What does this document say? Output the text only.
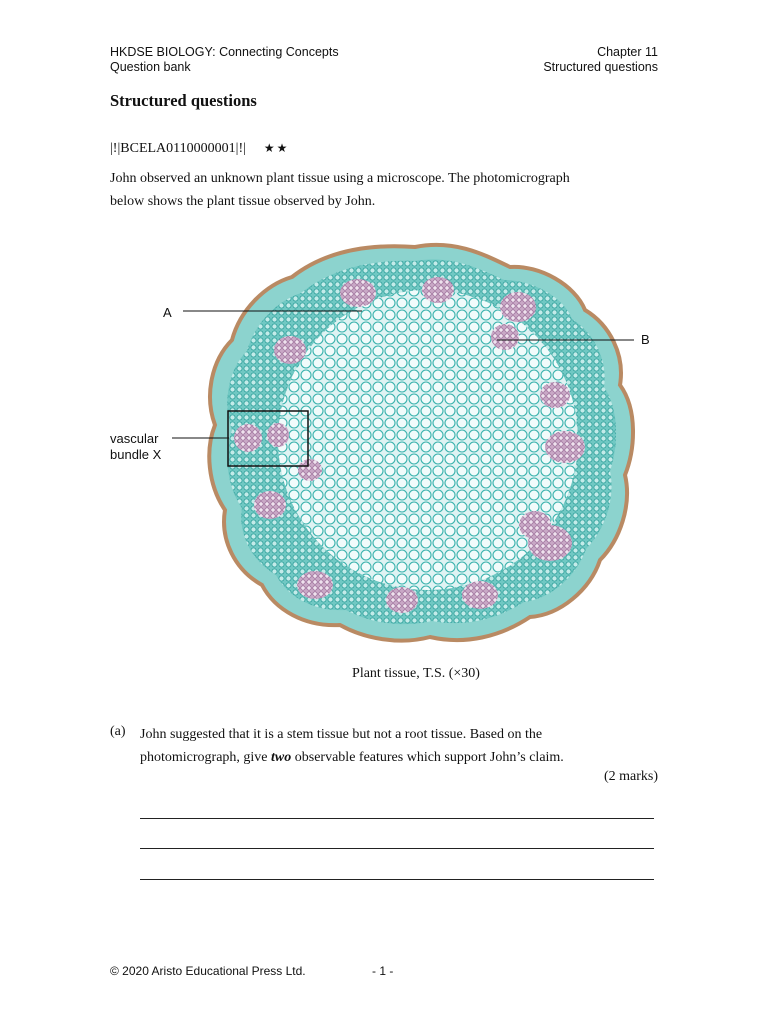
HKDSE BIOLOGY: Connecting Concepts
Question bank
Chapter 11
Structured questions
Structured questions
|!|BCELA0110000001|!| ★★
John observed an unknown plant tissue using a microscope. The photomicrograph
below shows the plant tissue observed by John.
A
B
vascular
bundle X
Plant tissue, T.S. (×30)
(a) John suggested that it is a stem tissue but not a root tissue. Based on the
photomicrograph, give two observable features which support John’s claim.
(2 marks)
© 2020 Aristo Educational Press Ltd.	- 1 -
